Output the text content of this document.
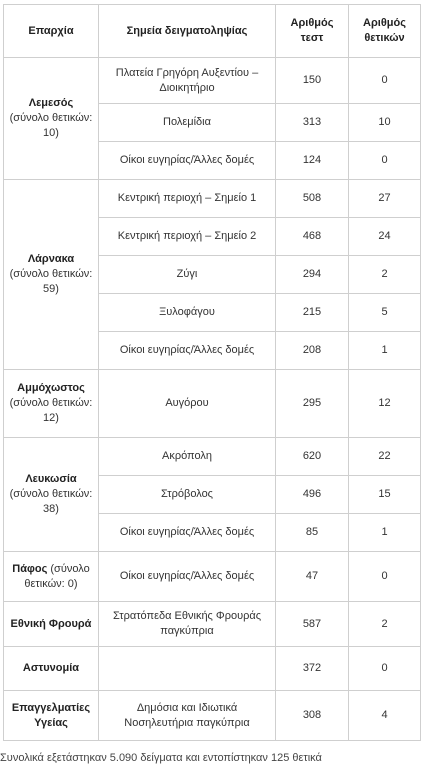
Επαρχία	Σημεία δειγματοληψίας	Αριθμός τεστ	Αριθμός θετικών
Λεμεσός
(σύνολο θετικών: 10)	Πλατεία Γρηγόρη Αυξεντίου – Διοικητήριο	150	0
	Πολεμίδια	313	10
	Οίκοι ευγηρίας/Άλλες δομές	124	0
Λάρνακα
(σύνολο θετικών: 59)	Κεντρική περιοχή – Σημείο 1	508	27
	Κεντρική περιοχή – Σημείο 2	468	24
	Ζύγι	294	2
	Ξυλοφάγου	215	5
	Οίκοι ευγηρίας/Άλλες δομές	208	1
Αμμόχωστος
(σύνολο θετικών: 12)	Αυγόρου	295	12
Λευκωσία
(σύνολο θετικών: 38)	Ακρόπολη	620	22
	Στρόβολος	496	15
	Οίκοι ευγηρίας/Άλλες δομές	85	1
Πάφος (σύνολο θετικών: 0)	Οίκοι ευγηρίας/Άλλες δομές	47	0
Εθνική Φρουρά	Στρατόπεδα Εθνικής Φρουράς παγκύπρια	587	2
Αστυνομία		372	0
Επαγγελματίες Υγείας	Δημόσια και Ιδιωτικά Νοσηλευτήρια παγκύπρια	308	4
Συνολικά εξετάστηκαν 5.090 δείγματα και εντοπίστηκαν 125 θετικά
